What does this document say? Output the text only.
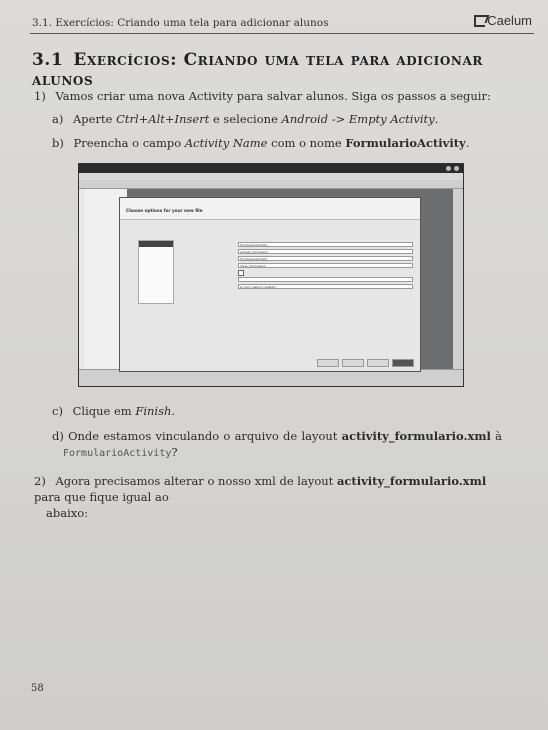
3.1. Exercícios: Criando uma tela para adicionar alunos	Caelum
3.1 Exercícios: Criando uma tela para adicionar alunos
1) Vamos criar uma nova Activity para salvar alunos. Siga os passos a seguir:
a) Aperte Ctrl+Alt+Insert e selecione Android -> Empty Activity.
b) Preencha o campo Activity Name com o nome FormularioActivity.
Choose options for your new file
FormularioActivity
activity_formulario
FormularioActivity
menu_formulario
br.com.caelum.cadastro
c) Clique em Finish.
d) Onde estamos vinculando o arquivo de layout activity_formulario.xml à
FormularioActivity?
2) Agora precisamos alterar o nosso xml de layout activity_formulario.xml para que fique igual ao
abaixo:
58
